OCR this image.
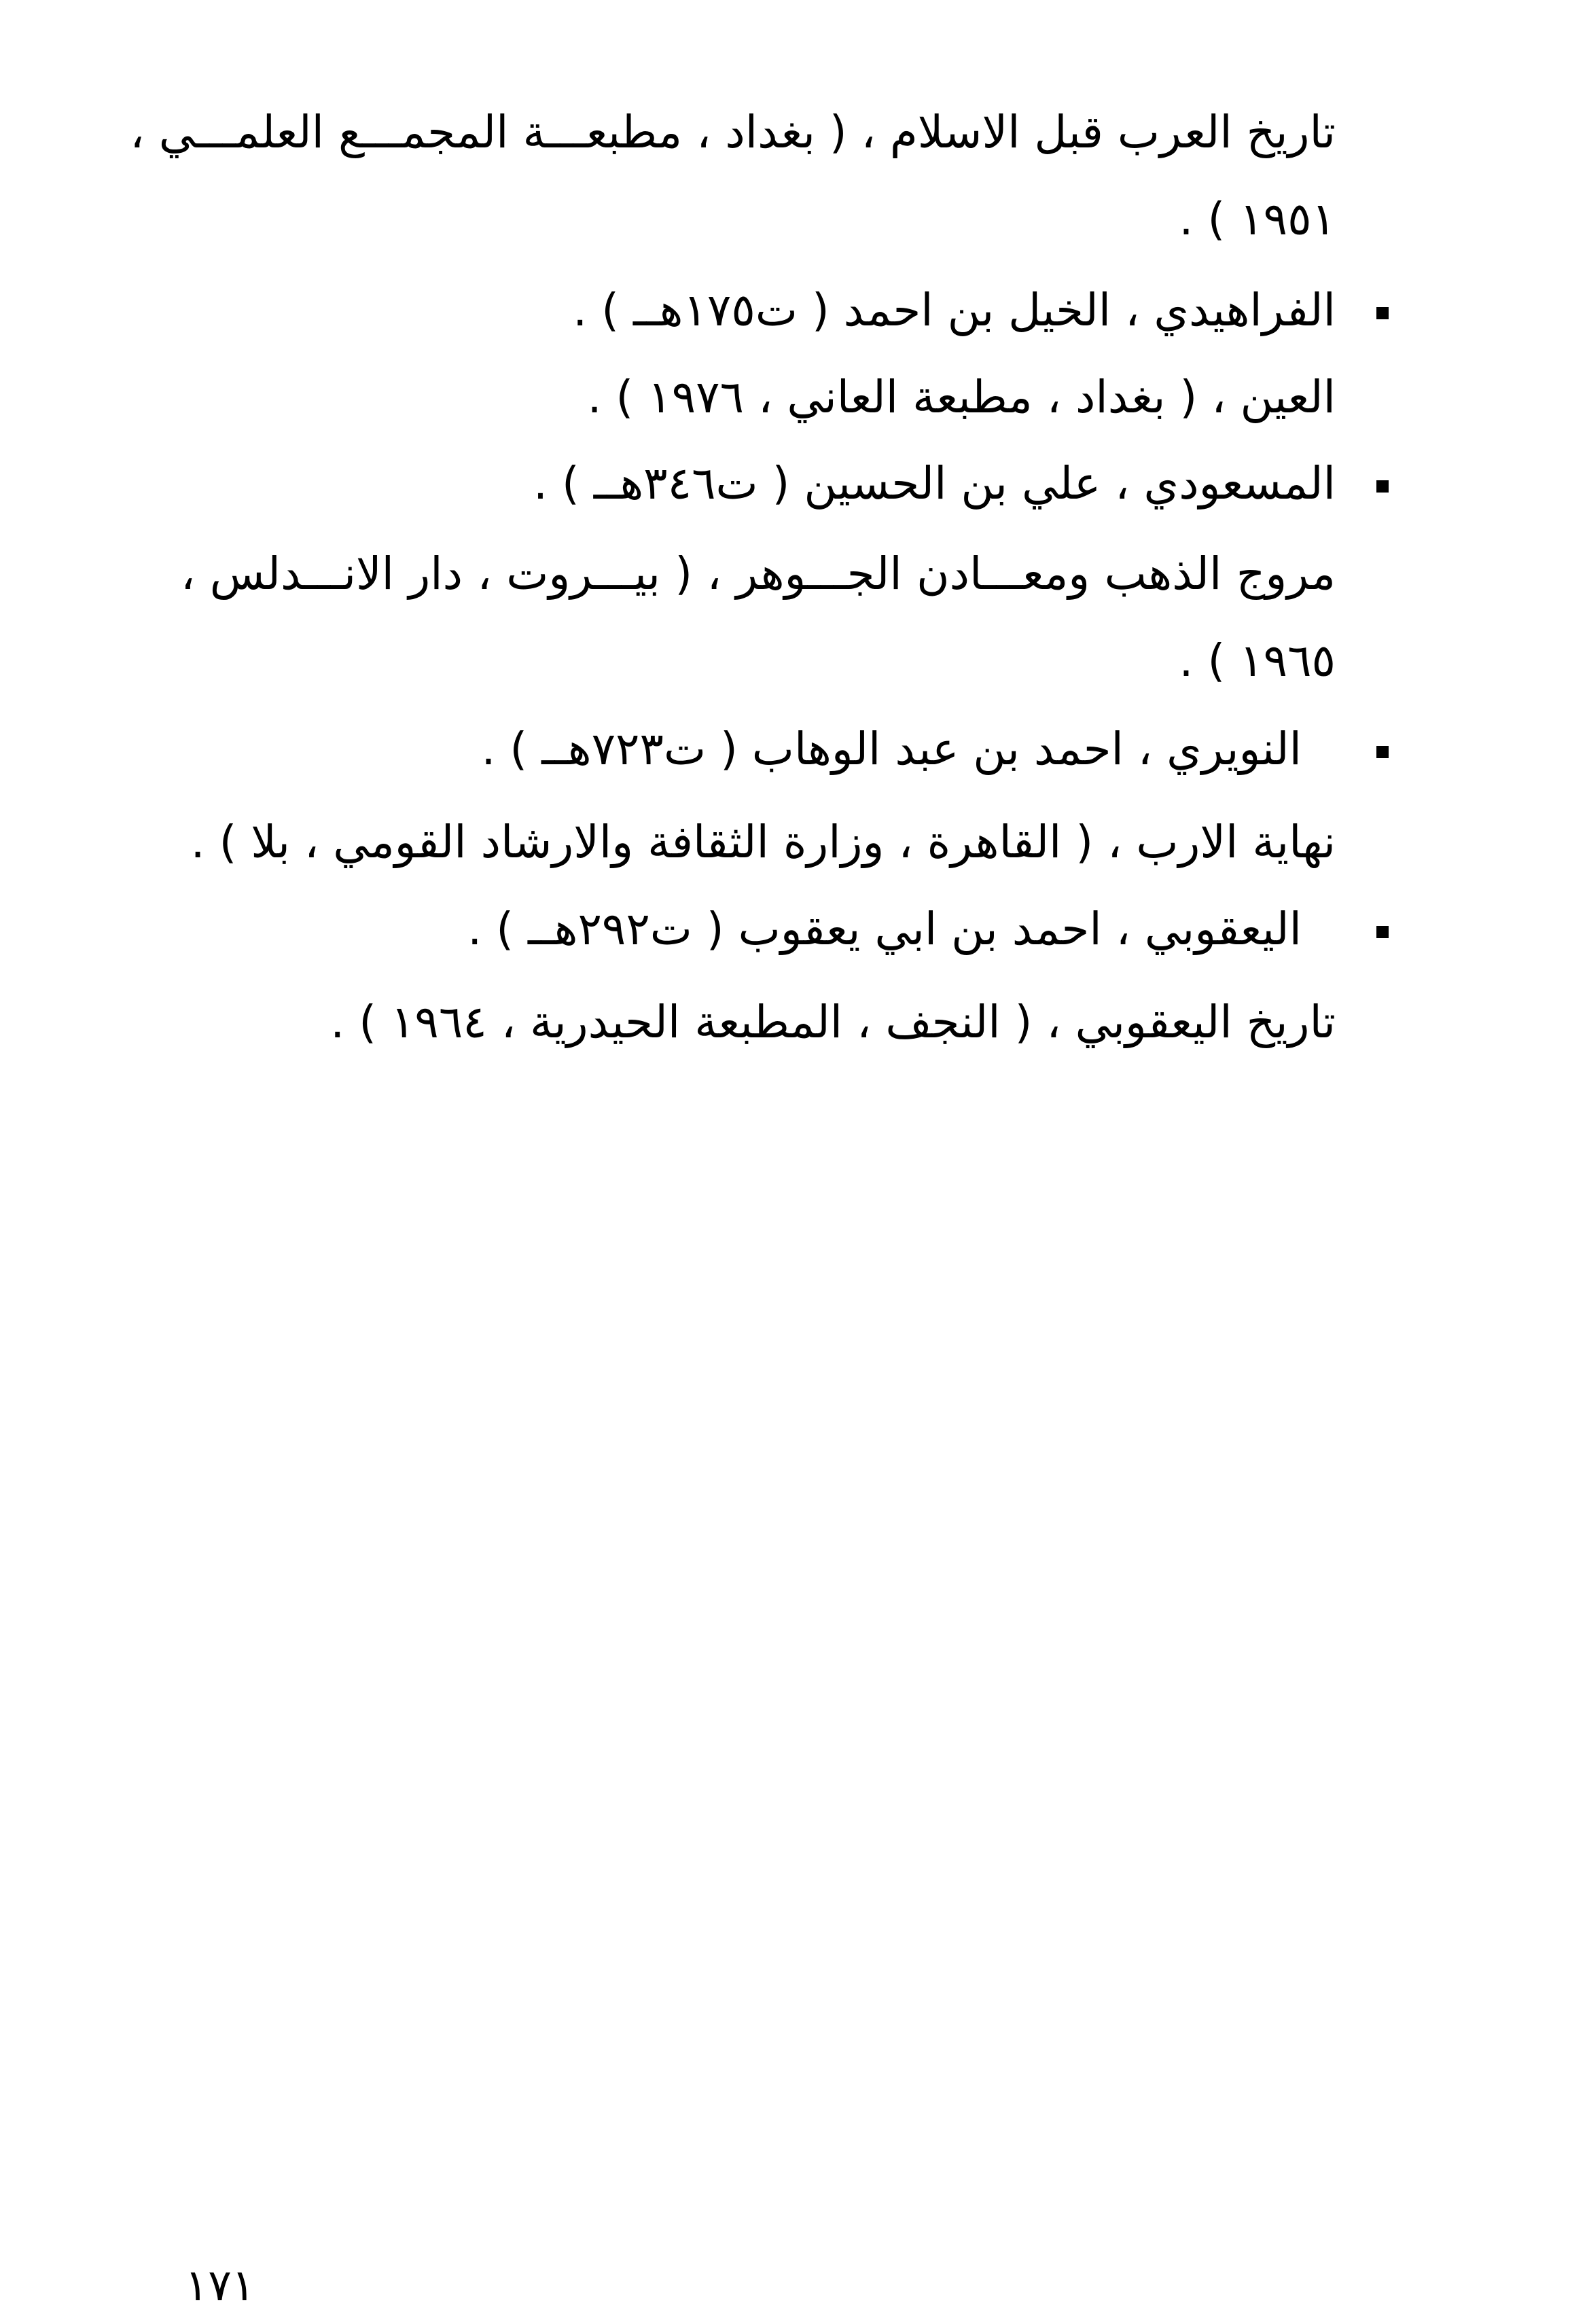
تاريخ العرب قبل الاسلام ، ( بغداد ، مطبعـــة المجمـــع العلمـــي ،
١٩٥١ ) .
الفراهيدي ، الخيل بن احمد ( ت١٧٥هــ ) .
العين ، ( بغداد ، مطبعة العاني ، ١٩٧٦ ) .
المسعودي ، علي بن الحسين ( ت٣٤٦هــ ) .
مروج الذهب ومعـــادن الجـــوهر ، ( بيـــروت ، دار الانـــدلس ،
١٩٦٥ ) .
النويري ، احمد بن عبد الوهاب ( ت٧٢٣هــ ) .
نهاية الارب ، ( القاهرة ، وزارة الثقافة والارشاد القومي ، بلا ) .
اليعقوبي ، احمد بن ابي يعقوب ( ت٢٩٢هــ ) .
تاريخ اليعقوبي ، ( النجف ، المطبعة الحيدرية ، ١٩٦٤ ) .
١٧١
